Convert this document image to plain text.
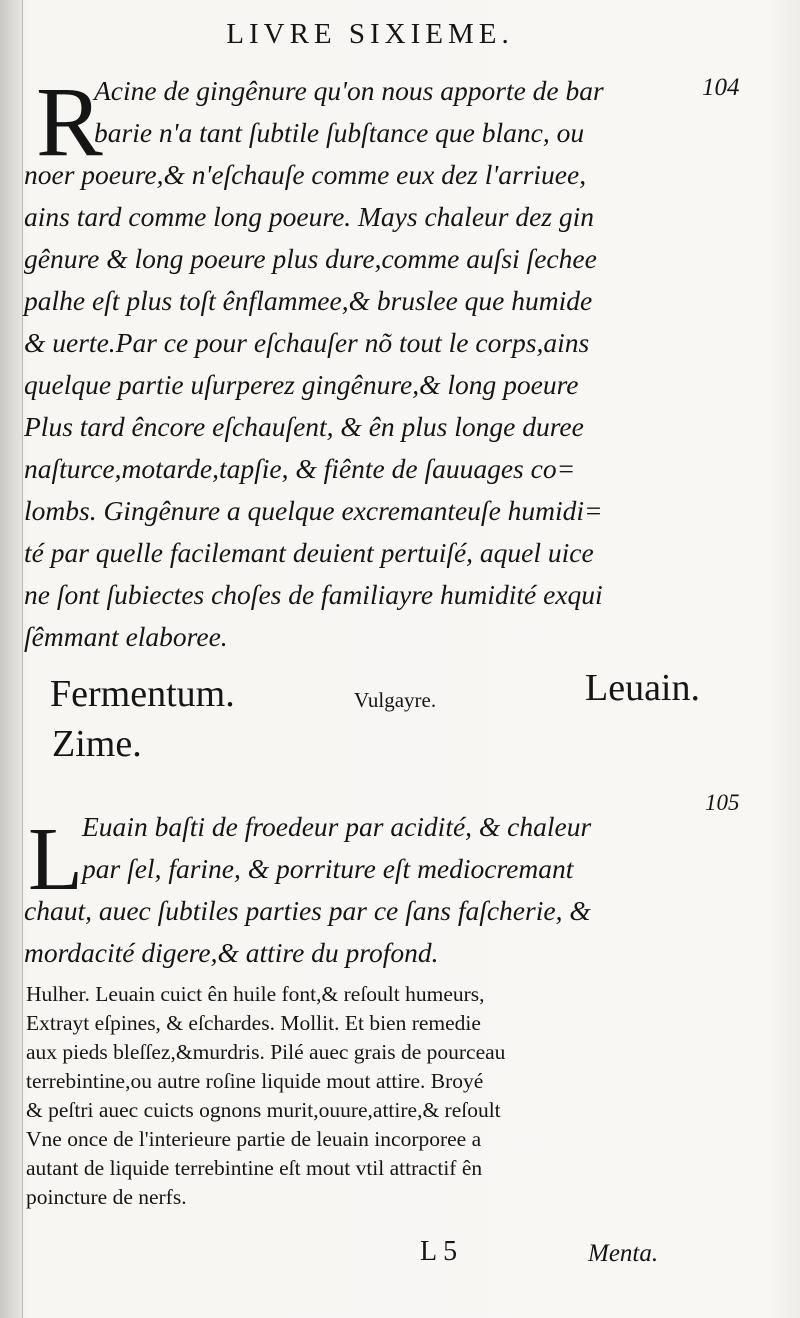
LIVRE SIXIEME.
104
R
Acine de gingênure qu'on nous apporte de bar
barie n'a tant ſubtile ſubſtance que blanc, ou
noer poeure,& n'eſchauſe comme eux dez l'arriuee,
ains tard comme long poeure. Mays chaleur dez gin
gênure & long poeure plus dure,comme auſsi ſechee
palhe eſt plus toſt ênflammee,& bruslee que humide
& uerte.Par ce pour eſchauſer nõ tout le corps,ains
quelque partie uſurperez gingênure,& long poeure
Plus tard êncore eſchauſent, & ên plus longe duree
naſturce,motarde,tapſie, & fiênte de ſauuages co=
lombs. Gingênure a quelque excremanteuſe humidi=
té par quelle facilemant deuient pertuiſé, aquel uice
ne ſont ſubiectes choſes de familiayre humidité exqui
ſêmmant elaboree.
Fermentum.	Vulgayre.	Leuain.
Zime.
105
L Euain baſti de froedeur par acidité, & chaleur
par ſel, farine, & porriture eſt mediocremant
chaut, auec ſubtiles parties par ce ſans faſcherie, &
mordacité digere,& attire du profond.
Hulher. Leuain cuict ên huile font,& reſoult humeurs,
Extrayt eſpines, & eſchardes. Mollit. Et bien remedie
aux pieds bleſſez,&murdris. Pilé auec grais de pourceau
terrebintine,ou autre roſine liquide mout attire. Broyé
& peſtri auec cuicts ognons murit,ouure,attire,& reſoult
Vne once de l'interieure partie de leuain incorporee a
autant de liquide terrebintine eſt mout vtil attractif ên
poincture de nerfs.
L 5	Menta.
